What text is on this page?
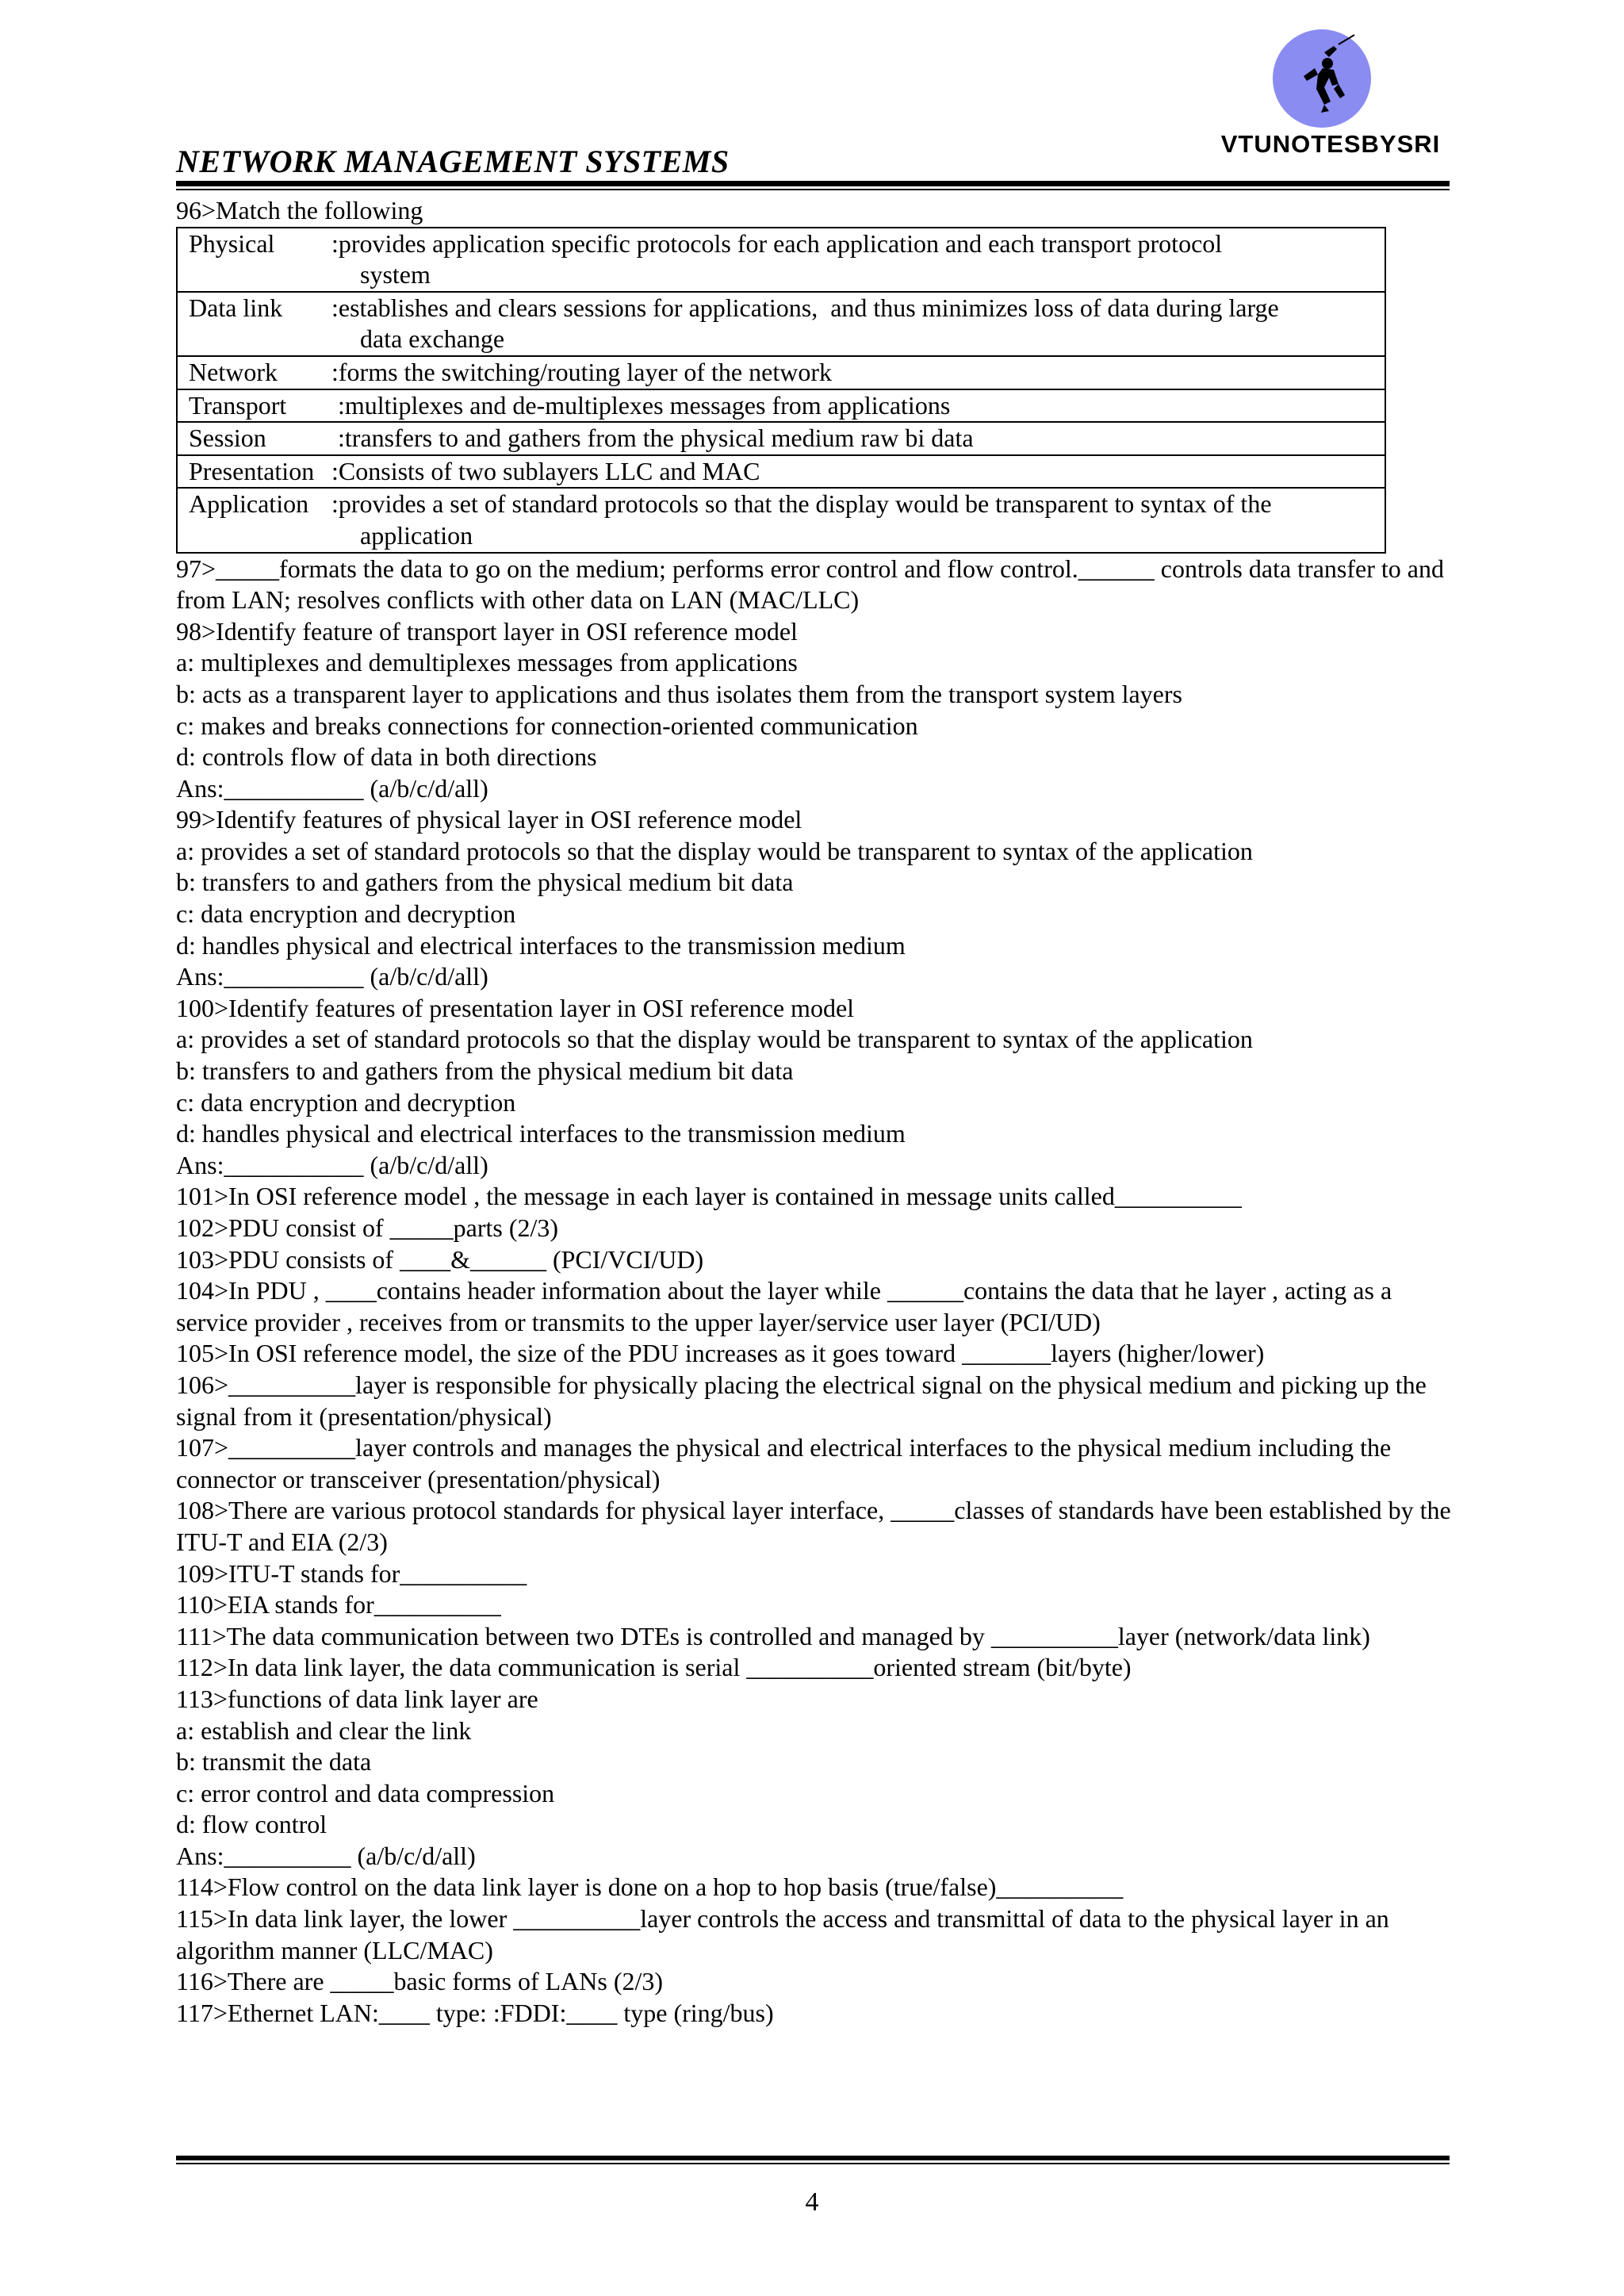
VTUNOTESBYSRI
NETWORK MANAGEMENT SYSTEMS
96>Match the following
Physical	:provides application specific protocols for each application and each transport protocol
system

Data link	:establishes and clears sessions for applications,  and thus minimizes loss of data during large
data exchange

Network	:forms the switching/routing layer of the network

Transport	:multiplexes and de-multiplexes messages from applications

Session	:transfers to and gathers from the physical medium raw bi data

Presentation :Consists of two sublayers LLC and MAC

Application :provides a set of standard protocols so that the display would be transparent to syntax of the
application
97>_____formats the data to go on the medium; performs error control and flow control.______ controls data transfer to and from LAN; resolves conflicts with other data on LAN (MAC/LLC)
98>Identify feature of transport layer in OSI reference model
a: multiplexes and demultiplexes messages from applications
b: acts as a transparent layer to applications and thus isolates them from the transport system layers
c: makes and breaks connections for connection-oriented communication
d: controls flow of data in both directions
Ans:___________ (a/b/c/d/all)
99>Identify features of physical layer in OSI reference model
a: provides a set of standard protocols so that the display would be transparent to syntax of the application
b: transfers to and gathers from the physical medium bit data
c: data encryption and decryption
d: handles physical and electrical interfaces to the transmission medium
Ans:___________ (a/b/c/d/all)
100>Identify features of presentation layer in OSI reference model
a: provides a set of standard protocols so that the display would be transparent to syntax of the application
b: transfers to and gathers from the physical medium bit data
c: data encryption and decryption
d: handles physical and electrical interfaces to the transmission medium
Ans:___________ (a/b/c/d/all)
101>In OSI reference model , the message in each layer is contained in message units called__________
102>PDU consist of _____parts (2/3)
103>PDU consists of ____&______ (PCI/VCI/UD)
104>In PDU , ____contains header information about the layer while ______contains the data that he layer , acting as a service provider , receives from or transmits to the upper layer/service user layer (PCI/UD)
105>In OSI reference model, the size of the PDU increases as it goes toward _______layers (higher/lower)
106>__________layer is responsible for physically placing the electrical signal on the physical medium and picking up the signal from it (presentation/physical)
107>__________layer controls and manages the physical and electrical interfaces to the physical medium including the connector or transceiver (presentation/physical)
108>There are various protocol standards for physical layer interface, _____classes of standards have been established by the ITU-T and EIA (2/3)
109>ITU-T stands for__________
110>EIA stands for__________
111>The data communication between two DTEs is controlled and managed by __________layer (network/data link)
112>In data link layer, the data communication is serial __________oriented stream (bit/byte)
113>functions of data link layer are
a: establish and clear the link
b: transmit the data
c: error control and data compression
d: flow control
Ans:__________ (a/b/c/d/all)
114>Flow control on the data link layer is done on a hop to hop basis (true/false)__________
115>In data link layer, the lower __________layer controls the access and transmittal of data to the physical layer in an algorithm manner (LLC/MAC)
116>There are _____basic forms of LANs (2/3)
117>Ethernet LAN:____ type: :FDDI:____ type (ring/bus)
4
